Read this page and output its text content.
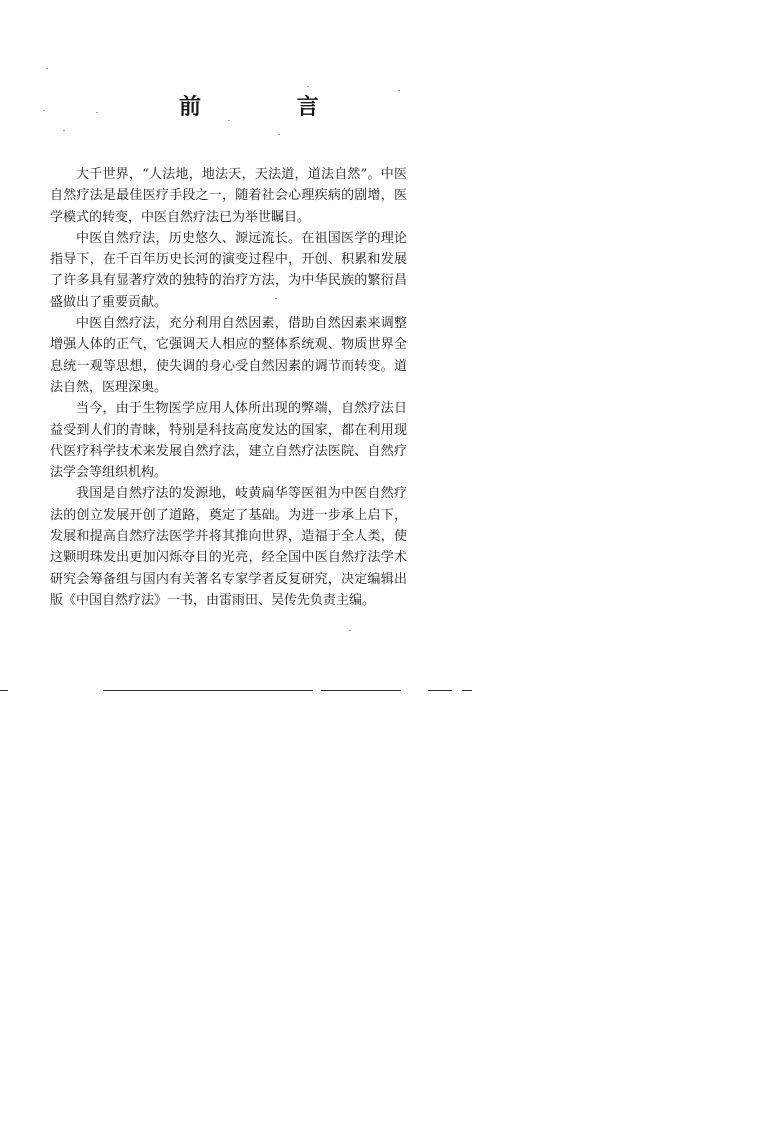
前 言

大千世界，“人法地，地法天，天法道，道法自然”。中医自然疗法是最佳医疗手段之一，随着社会心理疾病的剧增，医学模式的转变，中医自然疗法已为举世瞩目。

中医自然疗法，历史悠久、源远流长。在祖国医学的理论指导下，在千百年历史长河的演变过程中，开创、积累和发展了许多具有显著疗效的独特的治疗方法，为中华民族的繁衍昌盛做出了重要贡献。

中医自然疗法，充分利用自然因素，借助自然因素来调整增强人体的正气，它强调天人相应的整体系统观、物质世界全息统一观等思想，使失调的身心受自然因素的调节而转变。道法自然，医理深奥。

当今，由于生物医学应用人体所出现的弊端，自然疗法日益受到人们的青睐，特别是科技高度发达的国家，都在利用现代医疗科学技术来发展自然疗法，建立自然疗法医院、自然疗法学会等组织机构。

我国是自然疗法的发源地，岐黄扁华等医祖为中医自然疗法的创立发展开创了道路，奠定了基础。为进一步承上启下，发展和提高自然疗法医学并将其推向世界，造福于全人类，使这颗明珠发出更加闪烁夺目的光亮，经全国中医自然疗法学术研究会筹备组与国内有关著名专家学者反复研究，决定编辑出版《中国自然疗法》一书，由雷雨田、吴传先负责主编。
